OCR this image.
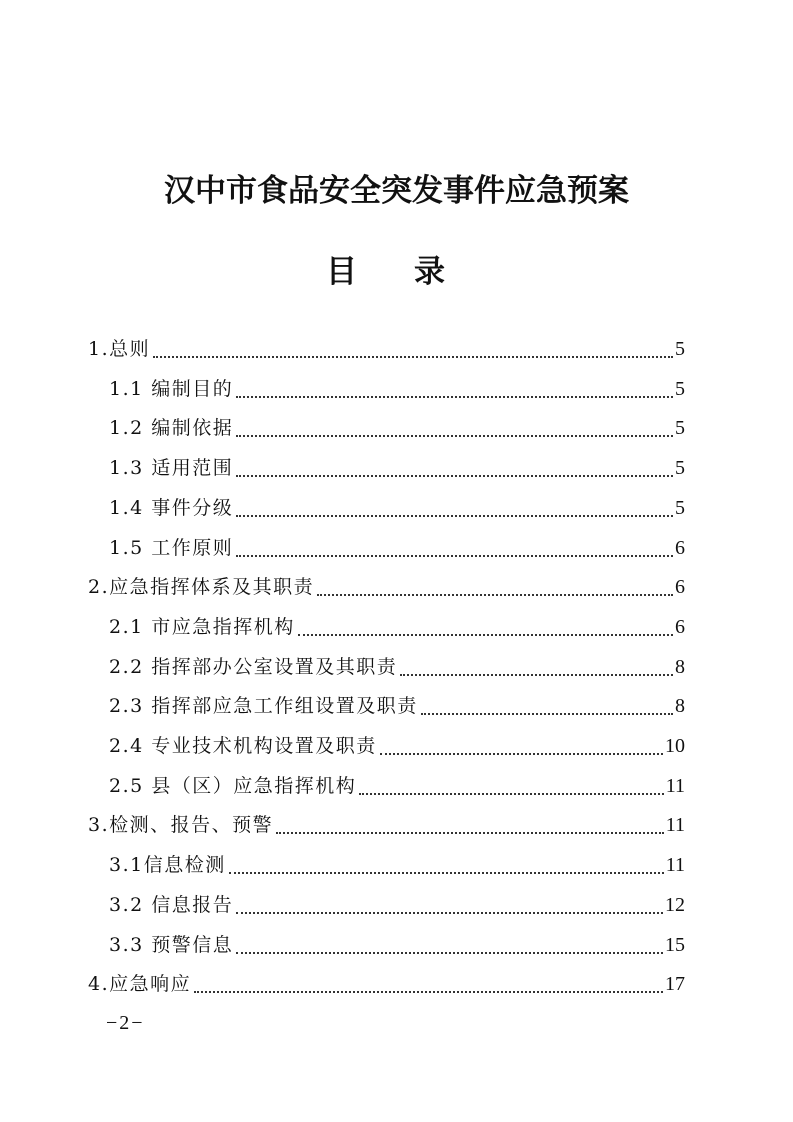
汉中市食品安全突发事件应急预案
目 录
1.总则	5
1.1 编制目的	5
1.2 编制依据	5
1.3 适用范围	5
1.4 事件分级	5
1.5 工作原则	6
2.应急指挥体系及其职责	6
2.1 市应急指挥机构	6
2.2 指挥部办公室设置及其职责	8
2.3 指挥部应急工作组设置及职责	8
2.4 专业技术机构设置及职责	10
2.5 县（区）应急指挥机构	11
3.检测、报告、预警	11
3.1信息检测	11
3.2 信息报告	12
3.3 预警信息	15
4.应急响应	17
−2−
